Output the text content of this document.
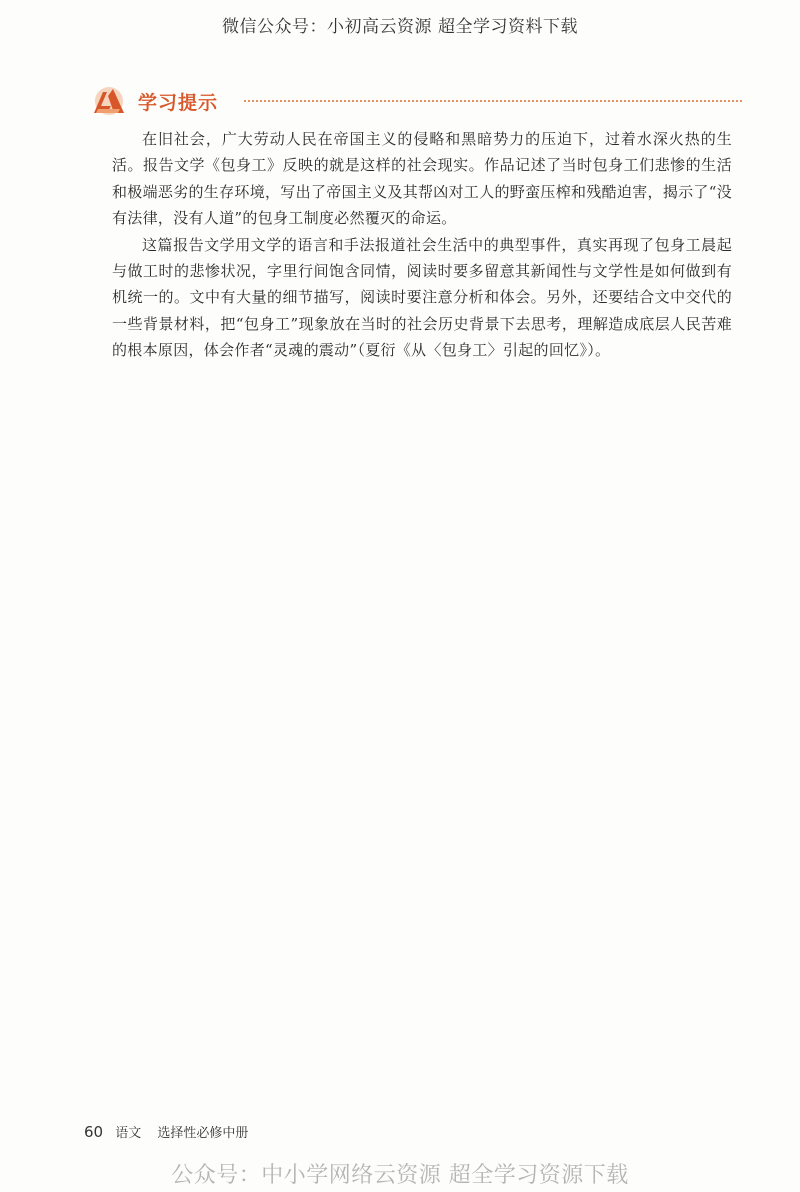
微信公众号：小初高云资源 超全学习资料下载
学习提示

在旧社会，广大劳动人民在帝国主义的侵略和黑暗势力的压迫下，过着水深火热的生活。报告文学《包身工》反映的就是这样的社会现实。作品记述了当时包身工们悲惨的生活和极端恶劣的生存环境，写出了帝国主义及其帮凶对工人的野蛮压榨和残酷迫害，揭示了“没有法律，没有人道”的包身工制度必然覆灭的命运。

这篇报告文学用文学的语言和手法报道社会生活中的典型事件，真实再现了包身工晨起与做工时的悲惨状况，字里行间饱含同情，阅读时要多留意其新闻性与文学性是如何做到有机统一的。文中有大量的细节描写，阅读时要注意分析和体会。另外，还要结合文中交代的一些背景材料，把“包身工”现象放在当时的社会历史背景下去思考，理解造成底层人民苦难的根本原因，体会作者“灵魂的震动”（夏衍《从〈包身工〉引起的回忆》）。

60 语文 选择性必修中册
公众号：中小学网络云资源 超全学习资源下载
